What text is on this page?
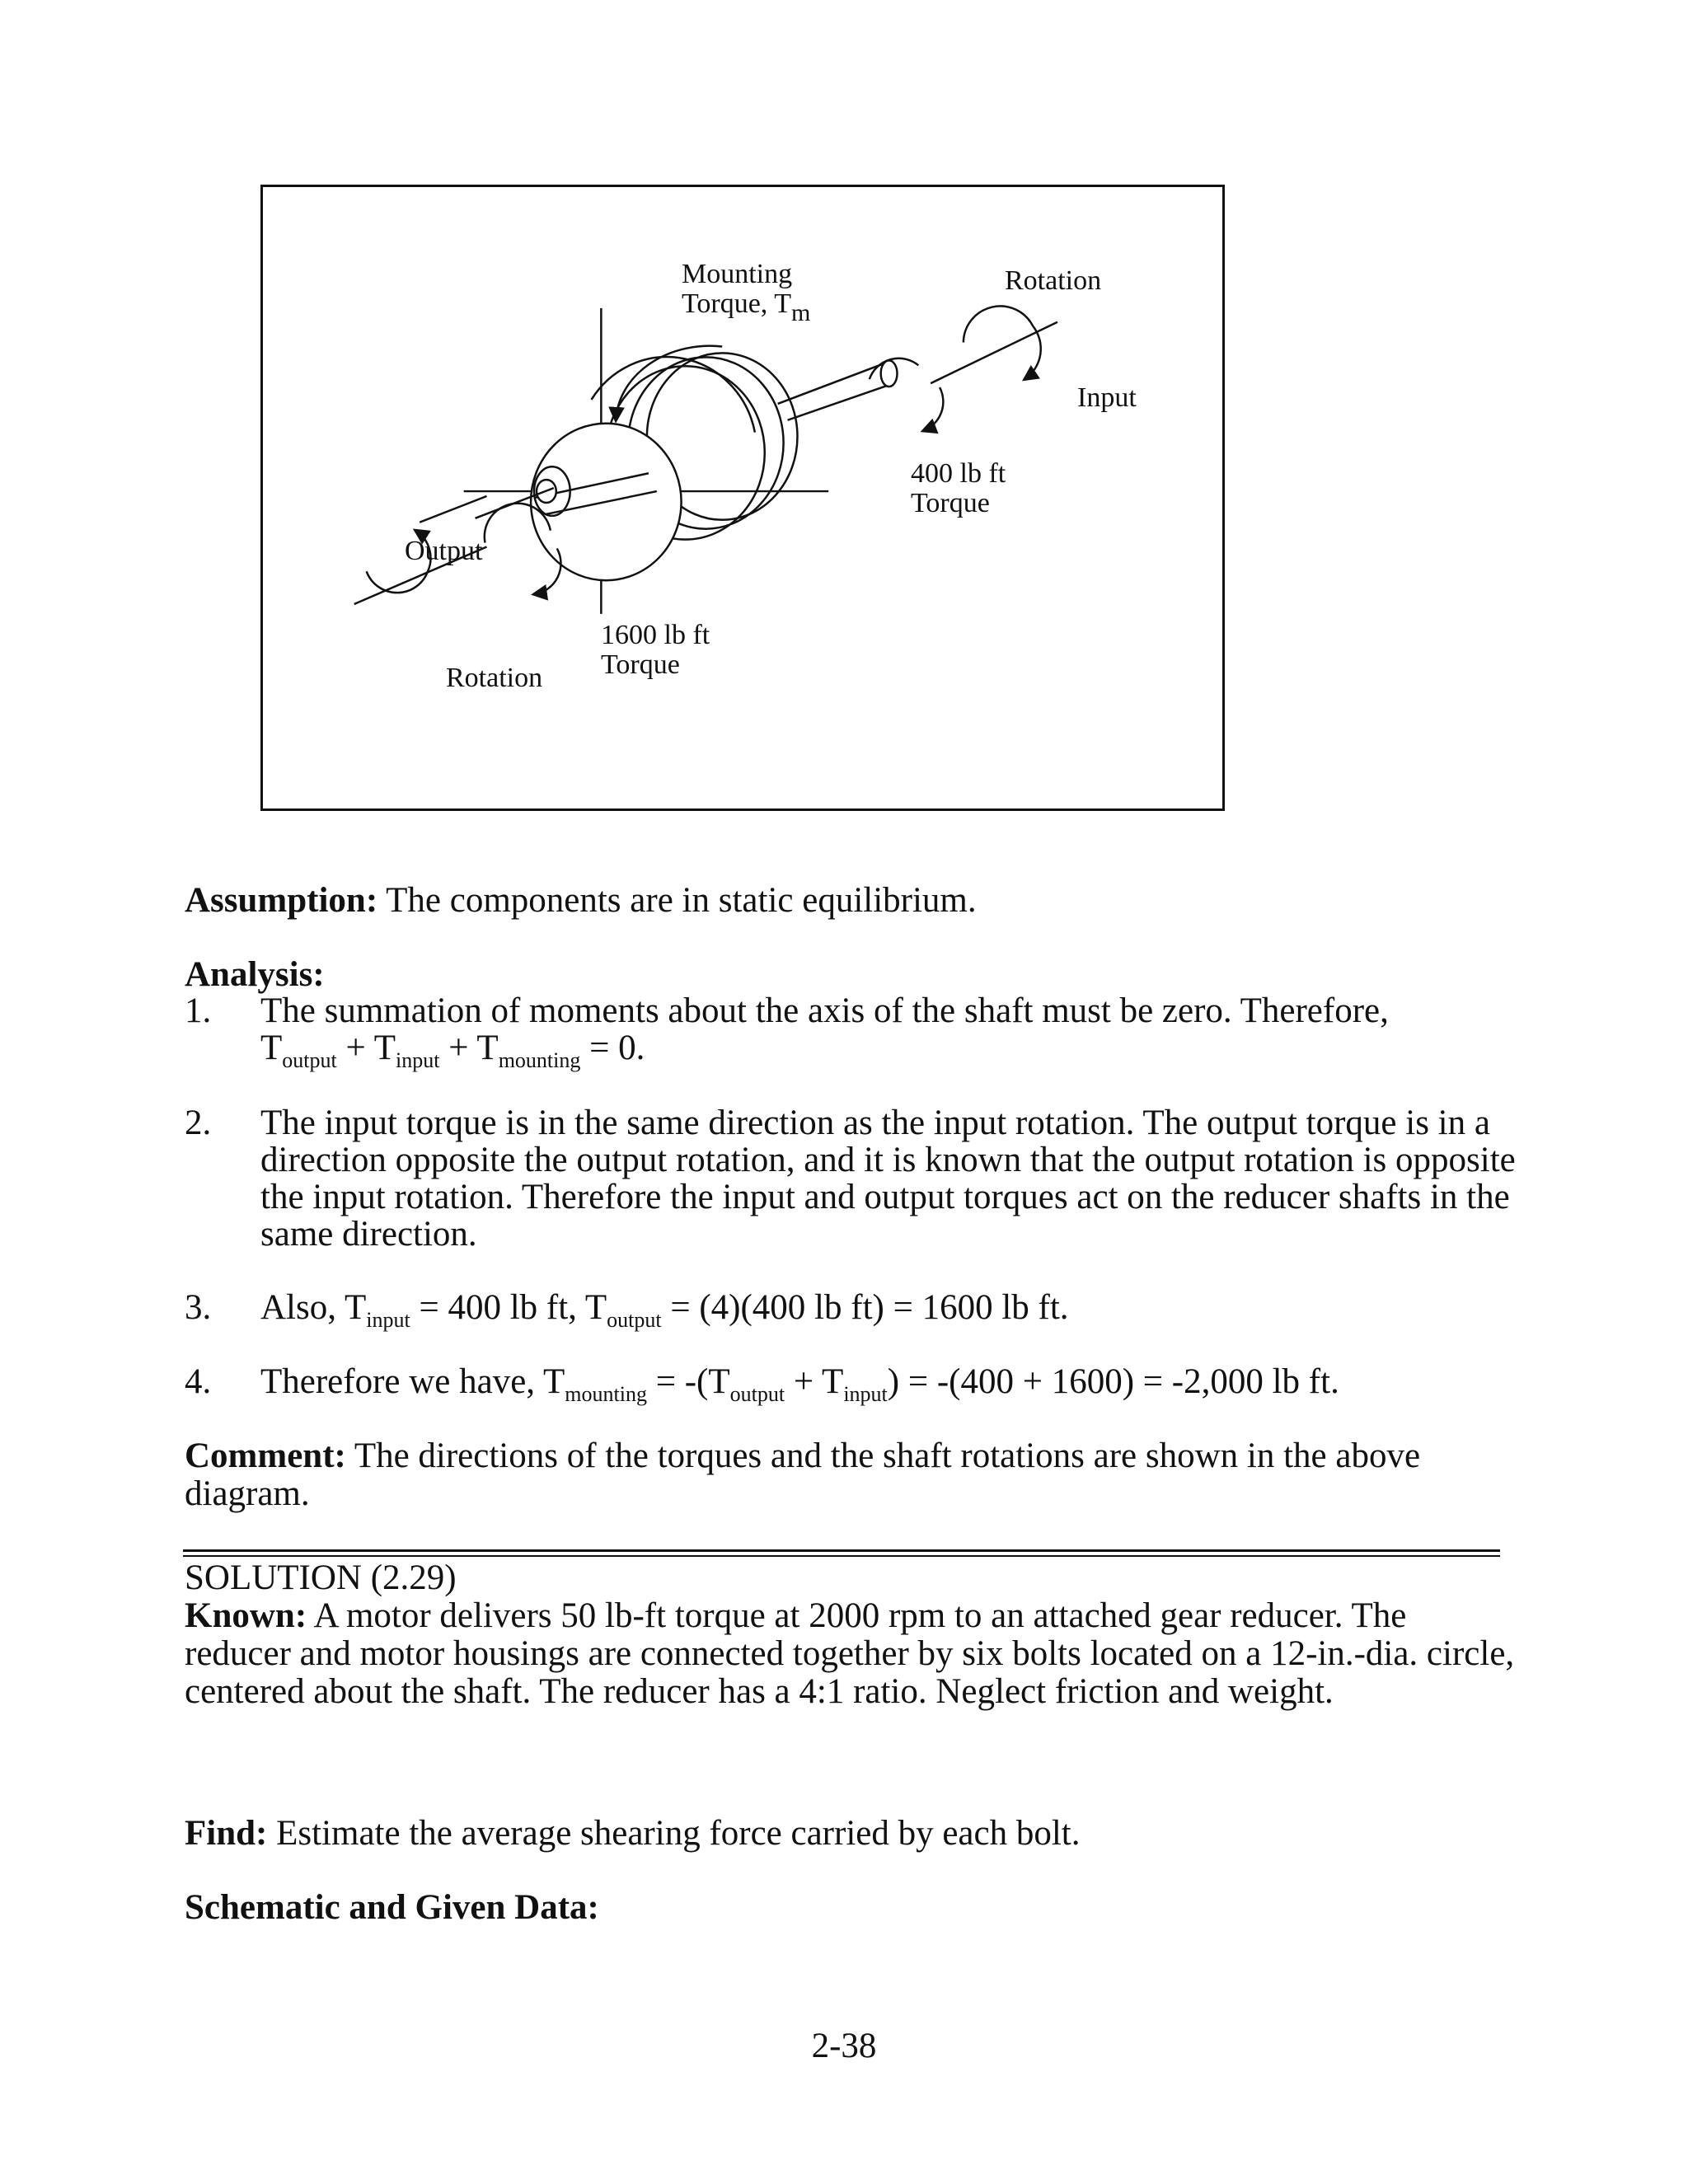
Mounting
Torque, $T_m$
Rotation
Input
400 lb ft
Torque
Output
1600 lb ft
Torque
Rotation
Assumption: The components are in static equilibrium.
Analysis:
1. The summation of moments about the axis of the shaft must be zero. Therefore,
$T_{output} + T_{input} + T_{mounting} = 0$.
2. The input torque is in the same direction as the input rotation. The output torque is in a direction opposite the output rotation, and it is known that the output rotation is opposite the input rotation. Therefore the input and output torques act on the reducer shafts in the same direction.
3. Also, $T_{input} = 400$ lb ft, $T_{output} = (4)(400$ lb ft) = 1600 lb ft.
4. Therefore we have, $T_{mounting} = -(T_{output} + T_{input}) = -(400 + 1600) = -2,000$ lb ft.
Comment: The directions of the torques and the shaft rotations are shown in the above diagram.
SOLUTION (2.29)
Known: A motor delivers 50 lb-ft torque at 2000 rpm to an attached gear reducer. The reducer and motor housings are connected together by six bolts located on a 12-in.-dia. circle, centered about the shaft. The reducer has a 4:1 ratio. Neglect friction and weight.
Find: Estimate the average shearing force carried by each bolt.
Schematic and Given Data:
2-38
